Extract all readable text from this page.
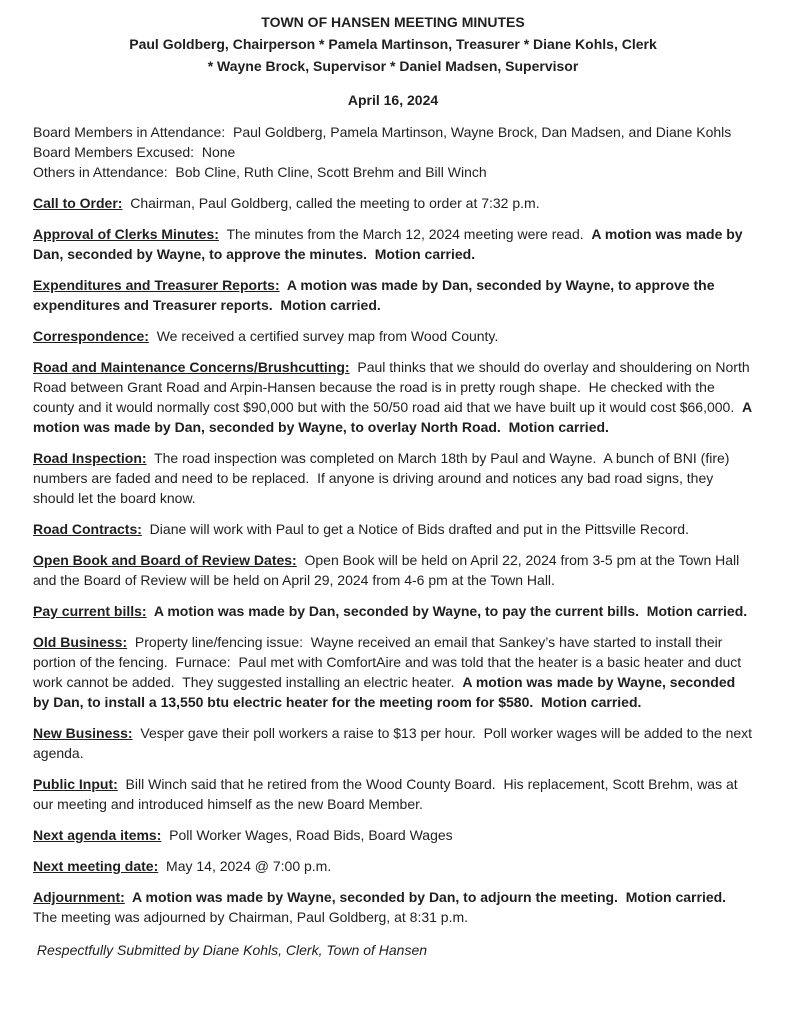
TOWN OF HANSEN MEETING MINUTES

Paul Goldberg, Chairperson * Pamela Martinson, Treasurer * Diane Kohls, Clerk

* Wayne Brock, Supervisor * Daniel Madsen, Supervisor

April 16, 2024

Board Members in Attendance:  Paul Goldberg, Pamela Martinson, Wayne Brock, Dan Madsen, and Diane Kohls

Board Members Excused:  None

Others in Attendance:  Bob Cline, Ruth Cline, Scott Brehm and Bill Winch

Call to Order:  Chairman, Paul Goldberg, called the meeting to order at 7:32 p.m.

Approval of Clerks Minutes:  The minutes from the March 12, 2024 meeting were read.  A motion was made by Dan, seconded by Wayne, to approve the minutes.  Motion carried.

Expenditures and Treasurer Reports:  A motion was made by Dan, seconded by Wayne, to approve the expenditures and Treasurer reports.  Motion carried.

Correspondence:  We received a certified survey map from Wood County.

Road and Maintenance Concerns/Brushcutting:  Paul thinks that we should do overlay and shouldering on North Road between Grant Road and Arpin-Hansen because the road is in pretty rough shape.  He checked with the county and it would normally cost $90,000 but with the 50/50 road aid that we have built up it would cost $66,000.  A motion was made by Dan, seconded by Wayne, to overlay North Road.  Motion carried.

Road Inspection:  The road inspection was completed on March 18th by Paul and Wayne.  A bunch of BNI (fire) numbers are faded and need to be replaced.  If anyone is driving around and notices any bad road signs, they should let the board know.

Road Contracts:  Diane will work with Paul to get a Notice of Bids drafted and put in the Pittsville Record.

Open Book and Board of Review Dates:  Open Book will be held on April 22, 2024 from 3-5 pm at the Town Hall and the Board of Review will be held on April 29, 2024 from 4-6 pm at the Town Hall.

Pay current bills:  A motion was made by Dan, seconded by Wayne, to pay the current bills.  Motion carried.

Old Business:  Property line/fencing issue:  Wayne received an email that Sankey’s have started to install their portion of the fencing.  Furnace:  Paul met with ComfortAire and was told that the heater is a basic heater and duct work cannot be added.  They suggested installing an electric heater.  A motion was made by Wayne, seconded by Dan, to install a 13,550 btu electric heater for the meeting room for $580.  Motion carried.

New Business:  Vesper gave their poll workers a raise to $13 per hour.  Poll worker wages will be added to the next agenda.

Public Input:  Bill Winch said that he retired from the Wood County Board.  His replacement, Scott Brehm, was at our meeting and introduced himself as the new Board Member.

Next agenda items:  Poll Worker Wages, Road Bids, Board Wages

Next meeting date:  May 14, 2024 @ 7:00 p.m.

Adjournment:  A motion was made by Wayne, seconded by Dan, to adjourn the meeting.  Motion carried.  The meeting was adjourned by Chairman, Paul Goldberg, at 8:31 p.m.

Respectfully Submitted by Diane Kohls, Clerk, Town of Hansen
